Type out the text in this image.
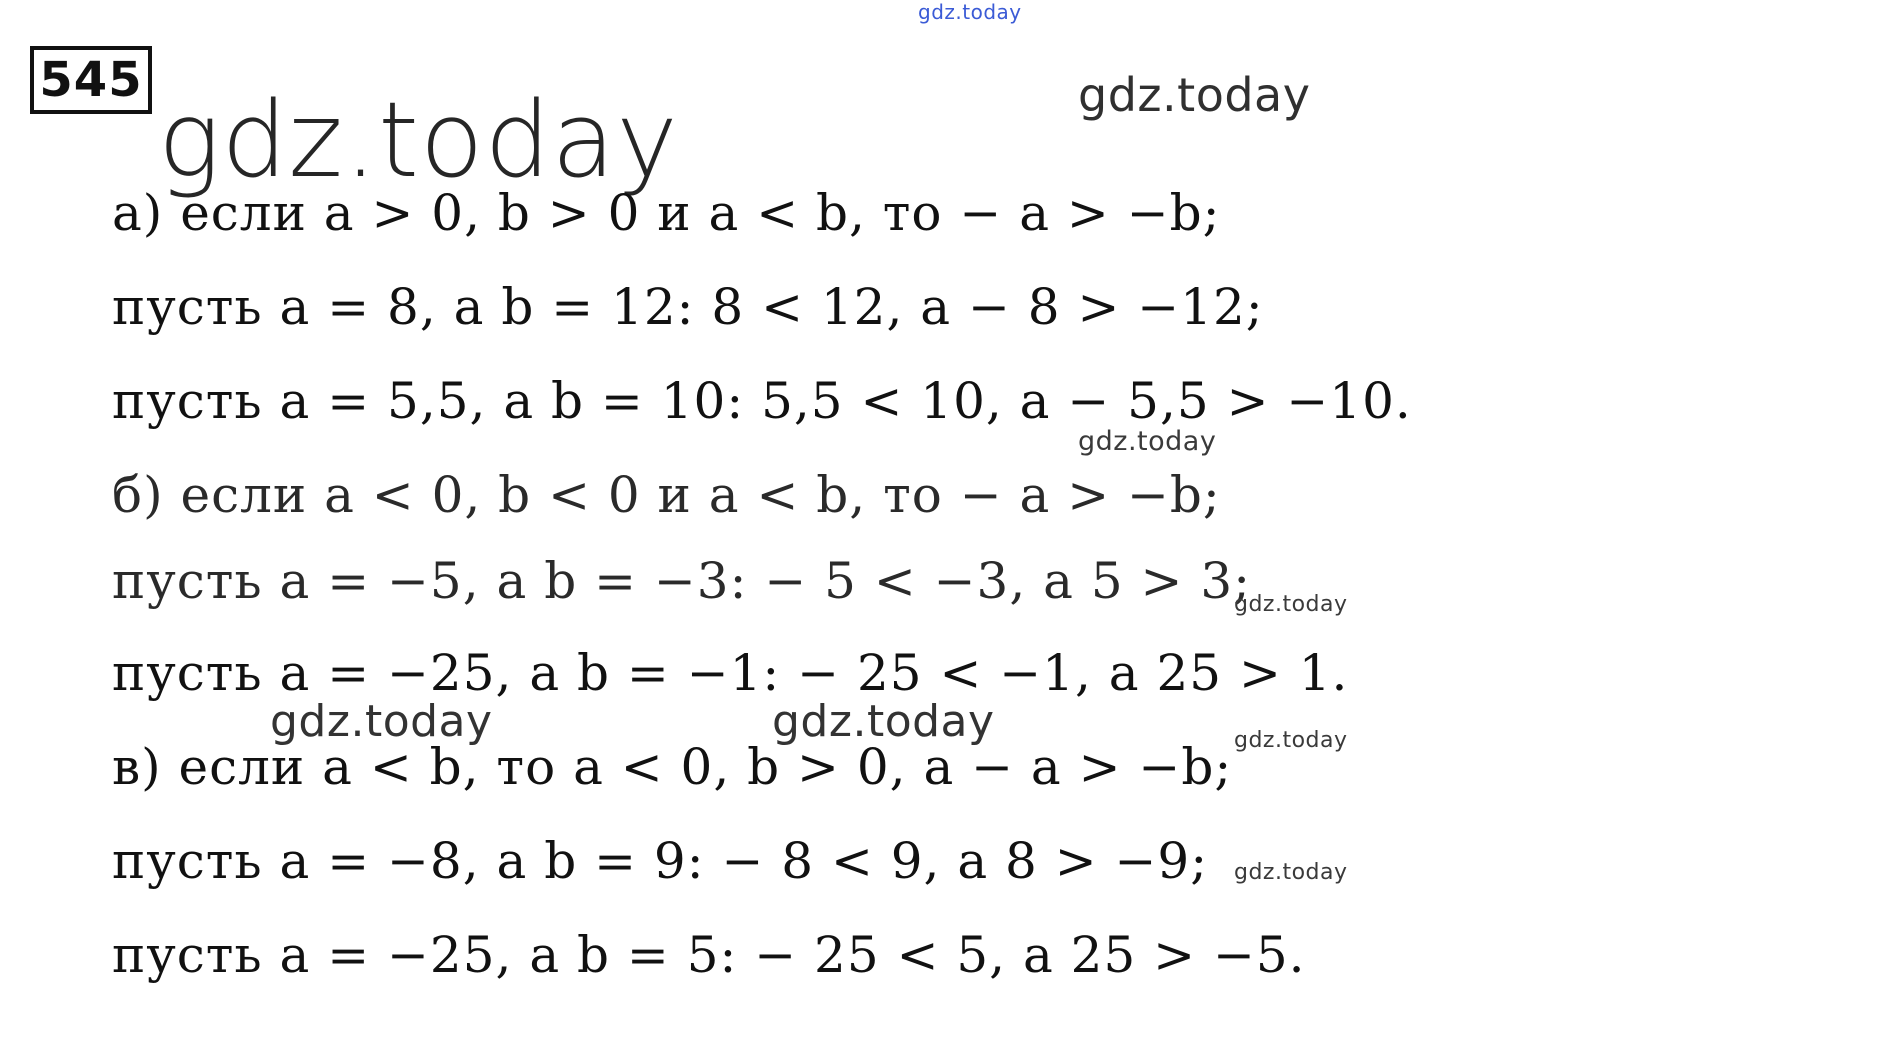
gdz.today
545 gdz.today	gdz.today
а) если a > 0, b > 0 и a < b, то − a > −b;
пусть a = 8, а b = 12: 8 < 12, а − 8 > −12;
пусть a = 5,5, а b = 10: 5,5 < 10, а − 5,5 > −10.
gdz.today
б) если a < 0, b < 0 и a < b, то − a > −b;
пусть a = −5, а b = −3: − 5 < −3, а 5 > 3;
gdz.today
пусть a = −25, а b = −1: − 25 < −1, а 25 > 1.
gdz.today	gdz.today	gdz.today
в) если a < b, то a < 0, b > 0, а − a > −b;
пусть a = −8, а b = 9: − 8 < 9, а 8 > −9; gdz.today
пусть a = −25, а b = 5: − 25 < 5, а 25 > −5.
